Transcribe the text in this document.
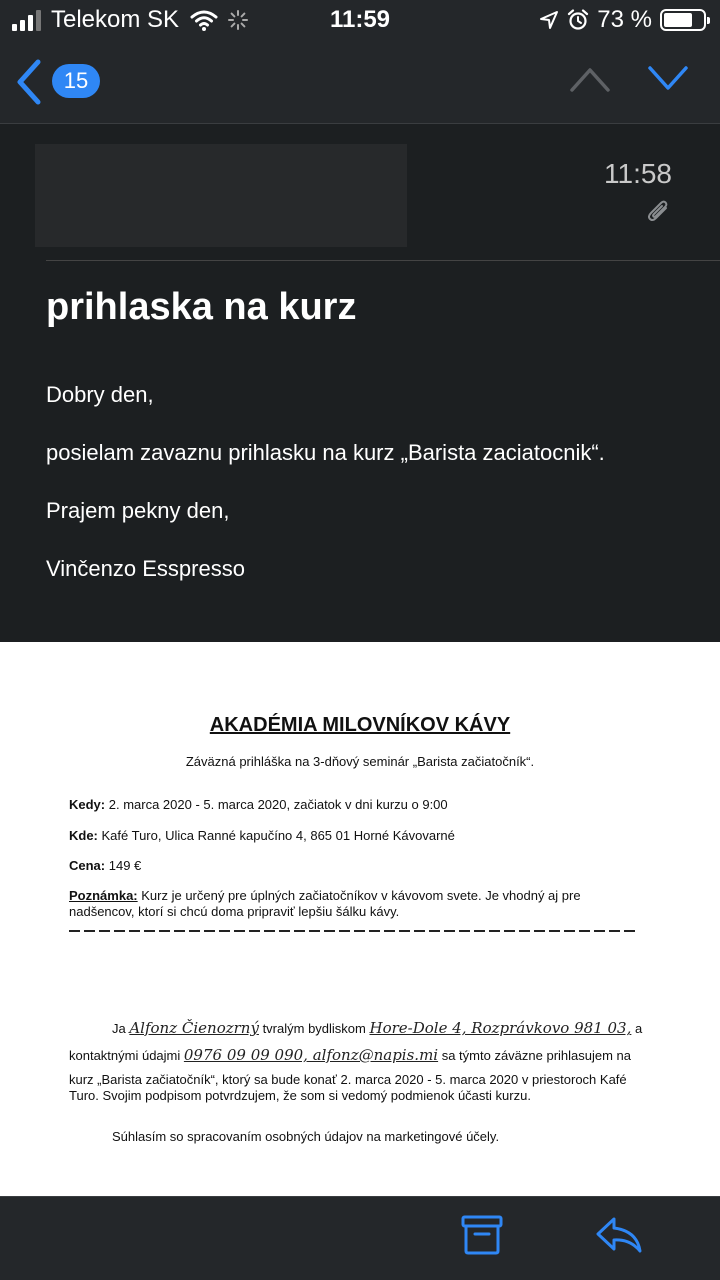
Telekom SK	11:59	73 %
15
11:58
prihlaska na kurz
Dobry den,
posielam zavaznu prihlasku na kurz „Barista zaciatocnik“.
Prajem pekny den,
Vinčenzo Esspresso
AKADÉMIA MILOVNÍKOV KÁVY
Záväzná prihláška na 3-dňový seminár „Barista začiatočník“.
Kedy: 2. marca 2020 - 5. marca 2020, začiatok v dni kurzu o 9:00
Kde: Kafé Turo, Ulica Ranné kapučíno 4, 865 01 Horné Kávovarné
Cena: 149 €
Poznámka: Kurz je určený pre úplných začiatočníkov v kávovom svete. Je vhodný aj pre nadšencov, ktorí si chcú doma pripraviť lepšiu šálku kávy.
Ja Alfonz Čienozrný tvralým bydliskom Hore-Dole 4, Rozprávkovo 981 03, a
kontaktnými údajmi 0976 09 09 090, alfonz@napis.mi sa týmto záväzne prihlasujem na
kurz „Barista začiatočník“, ktorý sa bude konať 2. marca 2020 - 5. marca 2020 v priestoroch Kafé Turo. Svojim podpisom potvrdzujem, že som si vedomý podmienok účasti kurzu.
Súhlasím so spracovaním osobných údajov na marketingové účely.
